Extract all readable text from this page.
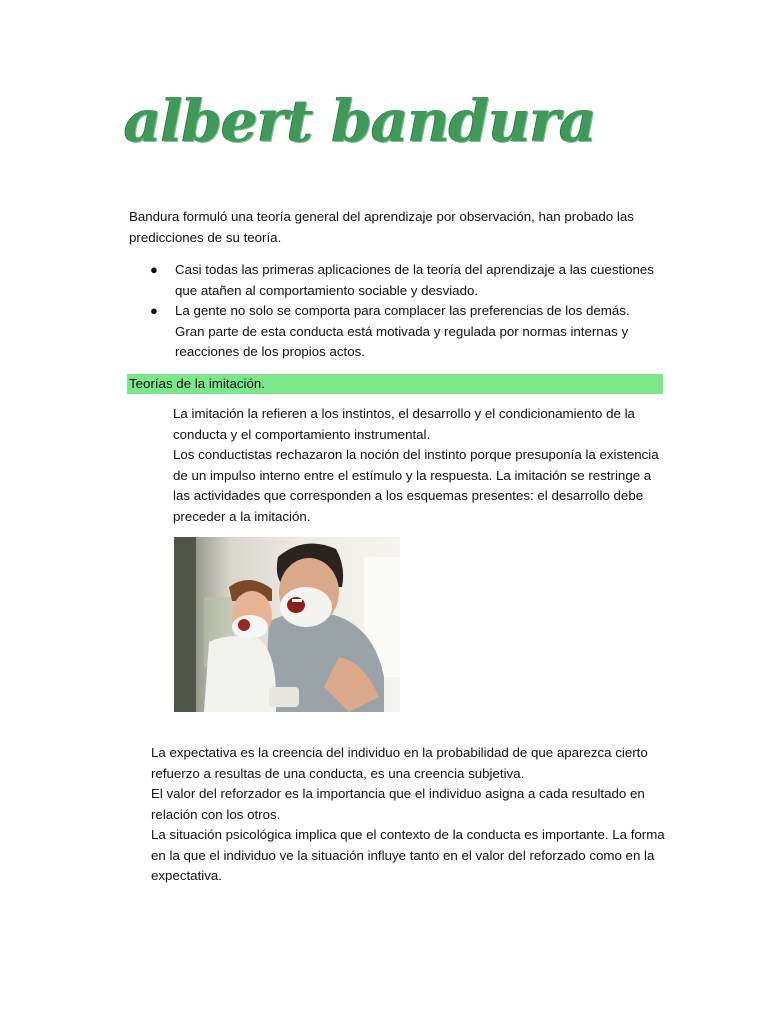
albert bandura

Bandura formuló una teoría general del aprendizaje por observación, han probado las predicciones de su teoría.

● Casi todas las primeras aplicaciones de la teoría del aprendizaje a las cuestiones que atañen al comportamiento sociable y desviado.
● La gente no solo se comporta para complacer las preferencias de los demás. Gran parte de esta conducta está motivada y regulada por normas internas y reacciones de los propios actos.
Teorías de la imitación.

La imitación la refieren a los instintos, el desarrollo y el condicionamiento de la conducta y el comportamiento instrumental.

Los conductistas rechazaron la noción del instinto porque presuponía la existencia de un impulso interno entre el estímulo y la respuesta. La imitación se restringe a las actividades que corresponden a los esquemas presentes: el desarrollo debe preceder a la imitación.

La expectativa es la creencia del individuo en la probabilidad de que aparezca cierto refuerzo a resultas de una conducta, es una creencia subjetiva.

El valor del reforzador es la importancia que el individuo asigna a cada resultado en relación con los otros.

La situación psicológica implica que el contexto de la conducta es importante. La forma en la que el individuo ve la situación influye tanto en el valor del reforzado como en la expectativa.
